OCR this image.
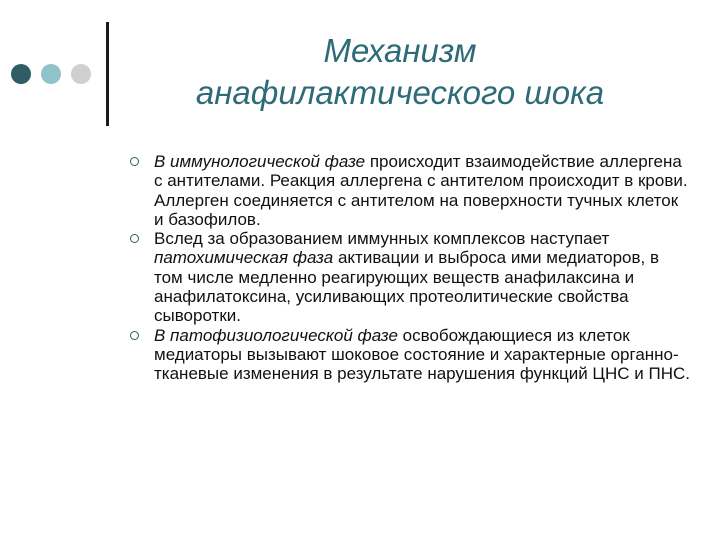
Механизм
анафилактического шока
В иммунологической фазе происходит взаимодействие аллергена с антителами. Реакция аллергена с антителом происходит в крови. Аллерген соединяется с антителом на поверхности тучных клеток и базофилов.
Вслед за образованием иммунных комплексов наступает патохимическая фаза активации и выброса ими медиаторов, в том числе медленно реагирующих веществ анафилаксина и анафилатоксина, усиливающих протеолитические свойства сыворотки.
В патофизиологической фазе освобождающиеся из клеток медиаторы вызывают шоковое состояние и характерные органно-тканевые изменения в результате нарушения функций ЦНС и ПНС.
